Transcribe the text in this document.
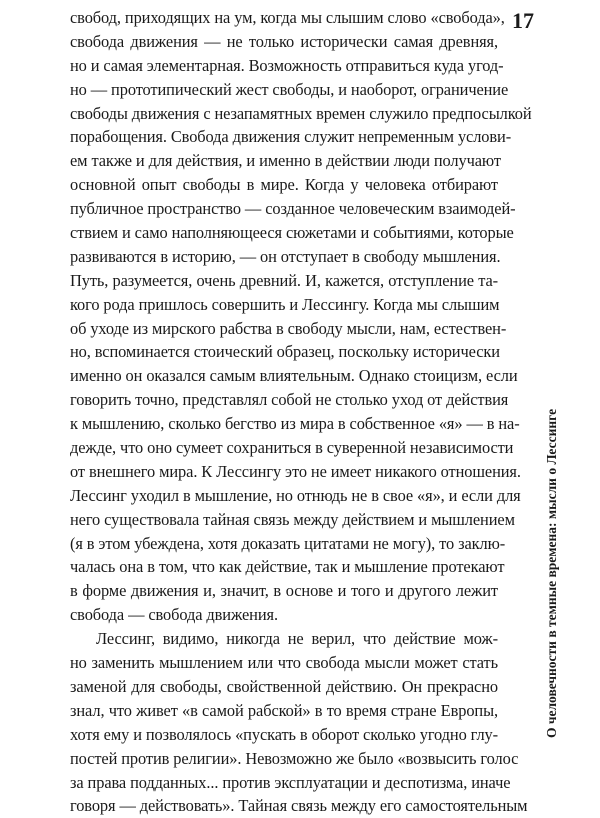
17
свобод, приходящих на ум, когда мы слышим слово «свобода»,
свобода движения — не только исторически самая древняя,
но и самая элементарная. Возможность отправиться куда угод-
но — прототипический жест свободы, и наоборот, ограничение
свободы движения с незапамятных времен служило предпосылкой
порабощения. Свобода движения служит непременным услови-
ем также и для действия, и именно в действии люди получают
основной опыт свободы в мире. Когда у человека отбирают
публичное пространство — созданное человеческим взаимодей-
ствием и само наполняющееся сюжетами и событиями, которые
развиваются в историю, — он отступает в свободу мышления.
Путь, разумеется, очень древний. И, кажется, отступление та-
кого рода пришлось совершить и Лессингу. Когда мы слышим
об уходе из мирского рабства в свободу мысли, нам, естествен-
но, вспоминается стоический образец, поскольку исторически
именно он оказался самым влиятельным. Однако стоицизм, если
говорить точно, представлял собой не столько уход от действия
к мышлению, сколько бегство из мира в собственное «я» — в на-
дежде, что оно сумеет сохраниться в суверенной независимости
от внешнего мира. К Лессингу это не имеет никакого отношения.
Лессинг уходил в мышление, но отнюдь не в свое «я», и если для
него существовала тайная связь между действием и мышлением
(я в этом убеждена, хотя доказать цитатами не могу), то заклю-
чалась она в том, что как действие, так и мышление протекают
в форме движения и, значит, в основе и того и другого лежит
свобода — свобода движения.
Лессинг, видимо, никогда не верил, что действие мож-
но заменить мышлением или что свобода мысли может стать
заменой для свободы, свойственной действию. Он прекрасно
знал, что живет «в самой рабской» в то время стране Европы,
хотя ему и позволялось «пускать в оборот сколько угодно глу-
постей против религии». Невозможно же было «возвысить голос
за права подданных... против эксплуатации и деспотизма, иначе
говоря — действовать». Тайная связь между его самостоятельным
О человечности в темные времена: мысли о Лессинге
